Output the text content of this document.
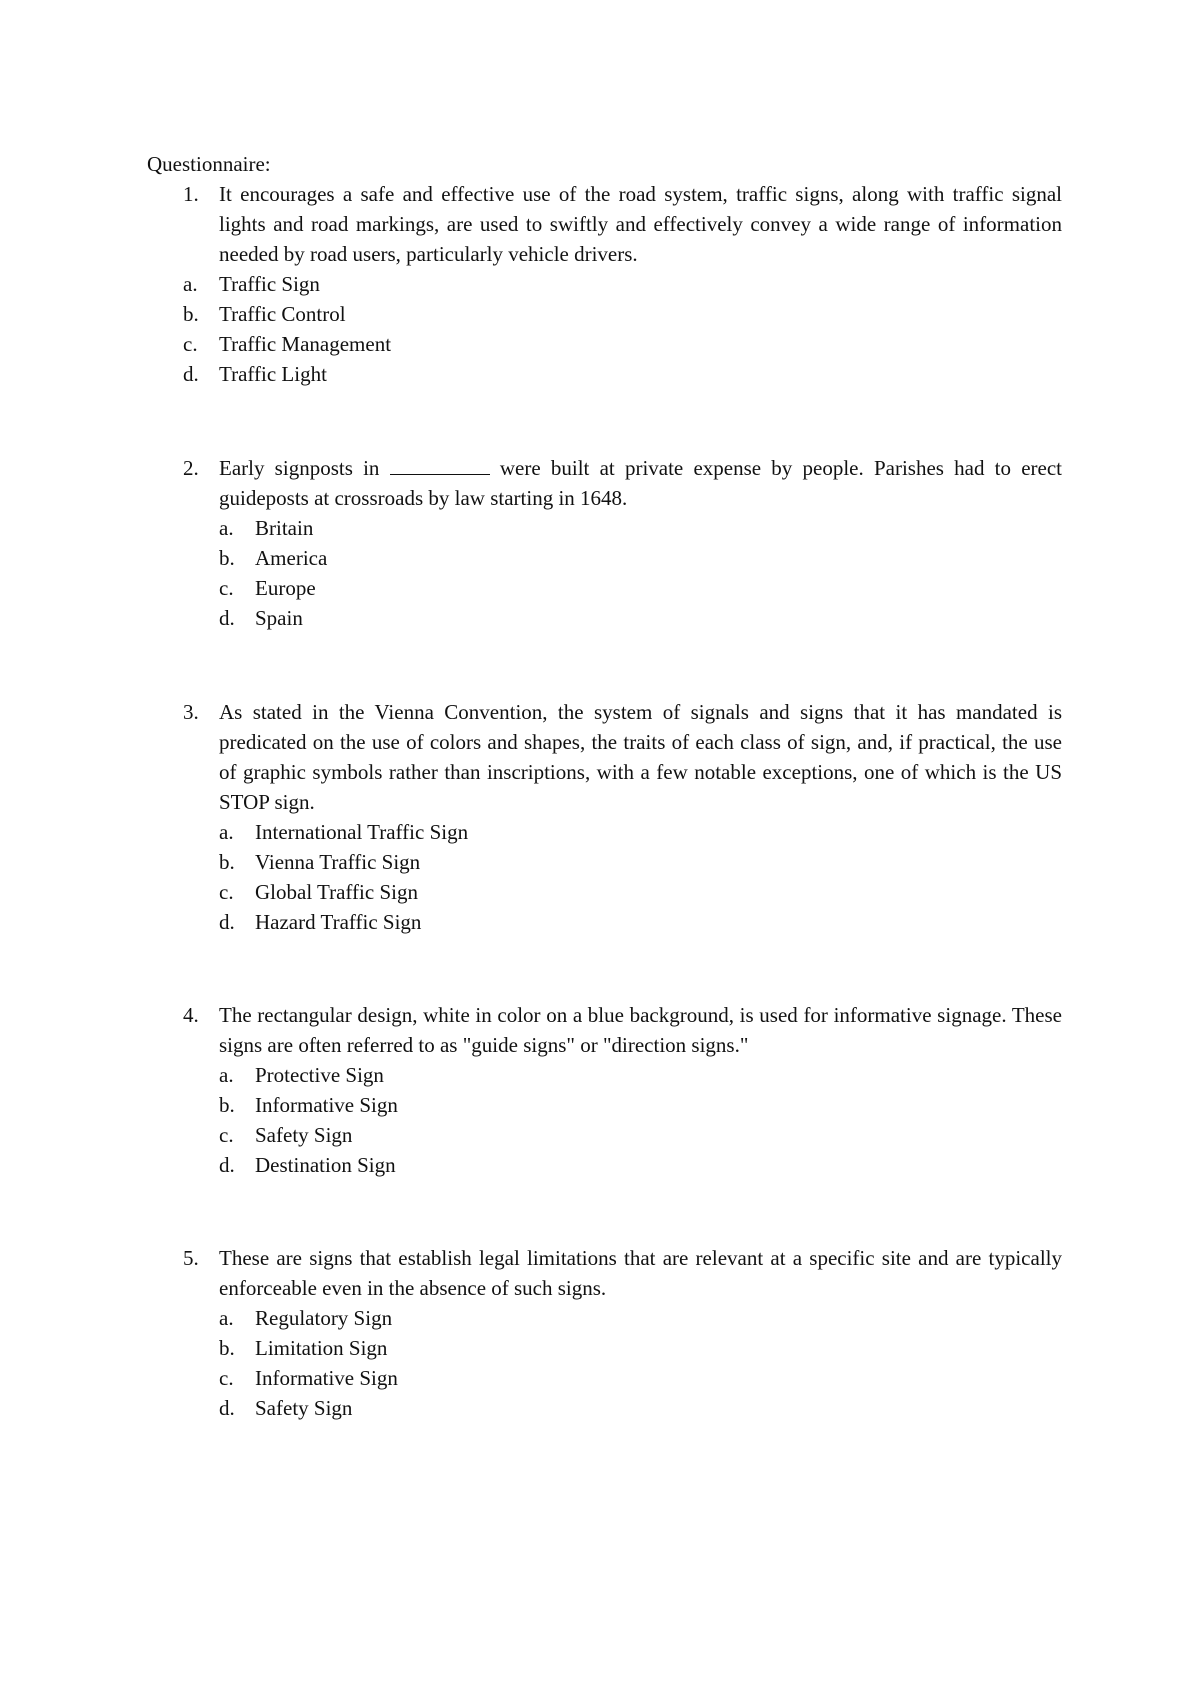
Questionnaire:
1. It encourages a safe and effective use of the road system, traffic signs, along with traffic signal lights and road markings, are used to swiftly and effectively convey a wide range of information needed by road users, particularly vehicle drivers.
a.	Traffic Sign
b. Traffic Control
c.	Traffic Management
d. Traffic Light
2. Early signposts in	were built at private expense by people. Parishes had to erect guideposts at crossroads by law starting in 1648.
a.	Britain
b. America
c.	Europe
d. Spain
3. As stated in the Vienna Convention, the system of signals and signs that it has mandated is predicated on the use of colors and shapes, the traits of each class of sign, and, if practical, the use of graphic symbols rather than inscriptions, with a few notable exceptions, one of which is the US STOP sign.
a.	International Traffic Sign
b. Vienna Traffic Sign
c.	Global Traffic Sign
d. Hazard Traffic Sign
4. The rectangular design, white in color on a blue background, is used for informative signage. These signs are often referred to as "guide signs" or "direction signs."
a.	Protective Sign
b. Informative Sign
c.	Safety Sign
d. Destination Sign
5. These are signs that establish legal limitations that are relevant at a specific site and are typically enforceable even in the absence of such signs.
a.	Regulatory Sign
b. Limitation Sign
c.	Informative Sign
d. Safety Sign
